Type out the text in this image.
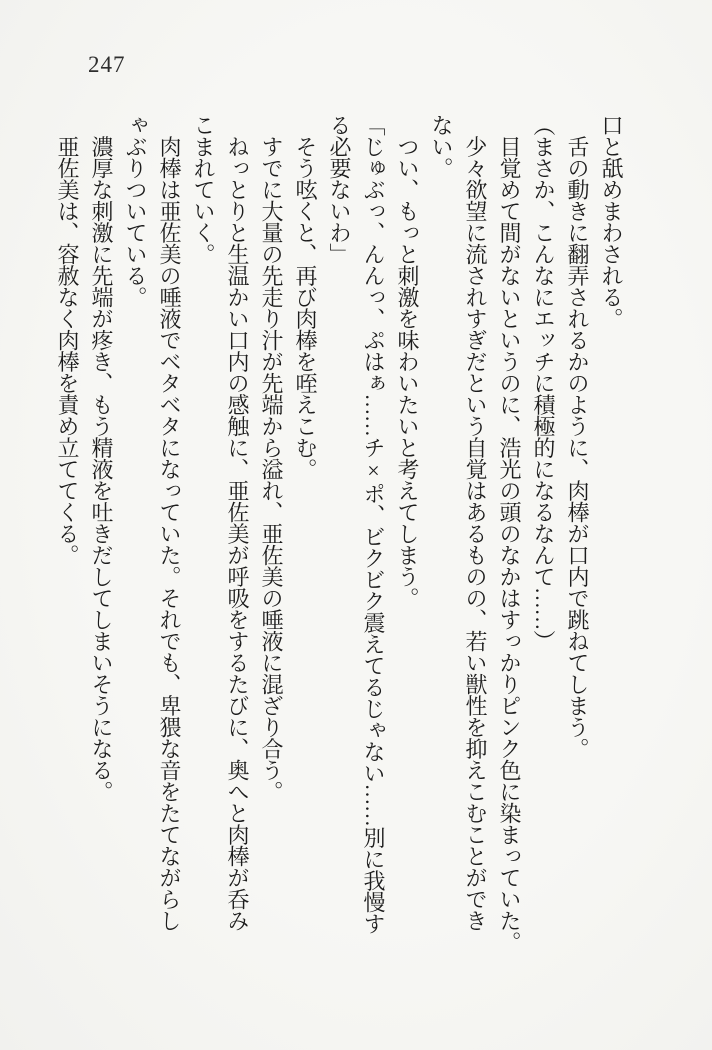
247

口と舐めまわされる。

　舌の動きに翻弄されるかのように、肉棒が口内で跳ねてしまう。

（まさか、こんなにエッチに積極的になるなんて……）

　目覚めて間がないというのに、浩光の頭のなかはすっかりピンク色に染まっていた。

　少々欲望に流されすぎだという自覚はあるものの、若い獣性を抑えこむことができ

ない。

　つい、もっと刺激を味わいたいと考えてしまう。

「じゅぶっ、んんっ、ぷはぁ……チ×ポ、ビクビク震えてるじゃない……別に我慢す

る必要ないわ」

　そう呟くと、再び肉棒を咥えこむ。

　すでに大量の先走り汁が先端から溢れ、亜佐美の唾液に混ざり合う。

　ねっとりと生温かい口内の感触に、亜佐美が呼吸をするたびに、奥へと肉棒が呑み

こまれていく。

　肉棒は亜佐美の唾液でベタベタになっていた。それでも、卑猥な音をたてながらし

ゃぶりついている。

　濃厚な刺激に先端が疼き、もう精液を吐きだしてしまいそうになる。

　亜佐美は、容赦なく肉棒を責め立ててくる。
